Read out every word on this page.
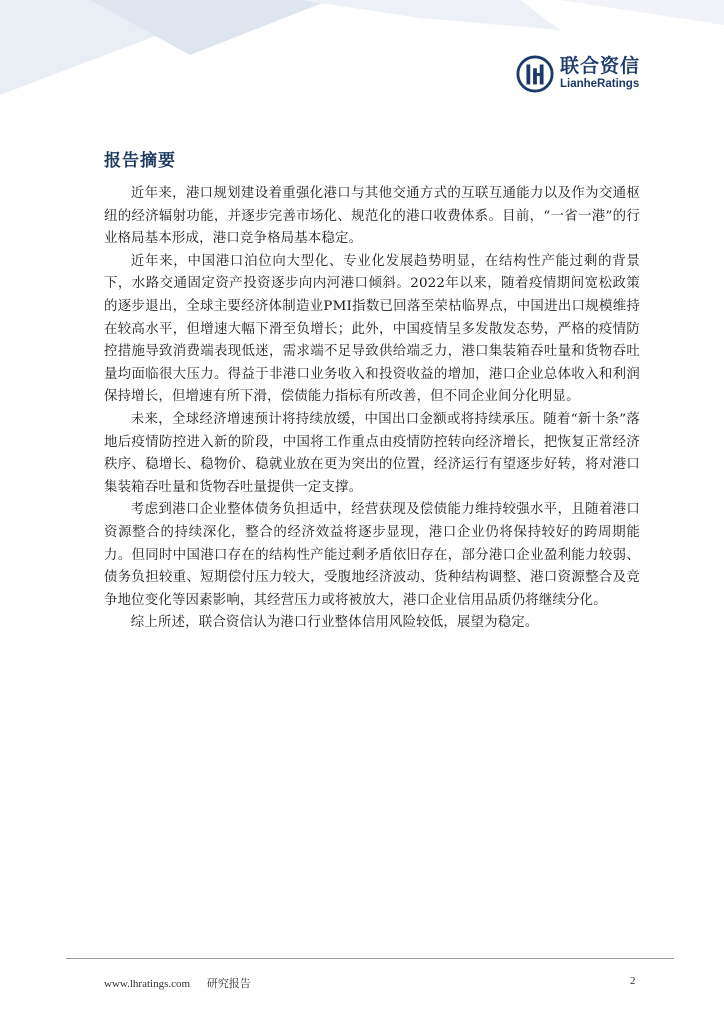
联合资信
LianheRatings
报告摘要

近年来，港口规划建设着重强化港口与其他交通方式的互联互通能力以及作为交通枢纽的经济辐射功能，并逐步完善市场化、规范化的港口收费体系。目前，“一省一港”的行业格局基本形成，港口竞争格局基本稳定。

近年来，中国港口泊位向大型化、专业化发展趋势明显，在结构性产能过剩的背景下，水路交通固定资产投资逐步向内河港口倾斜。2022年以来，随着疫情期间宽松政策的逐步退出，全球主要经济体制造业PMI指数已回落至荣枯临界点，中国进出口规模维持在较高水平，但增速大幅下滑至负增长；此外，中国疫情呈多发散发态势，严格的疫情防控措施导致消费端表现低迷，需求端不足导致供给端乏力，港口集装箱吞吐量和货物吞吐量均面临很大压力。得益于非港口业务收入和投资收益的增加，港口企业总体收入和利润保持增长，但增速有所下滑，偿债能力指标有所改善，但不同企业间分化明显。

未来，全球经济增速预计将持续放缓，中国出口金额或将持续承压。随着“新十条”落地后疫情防控进入新的阶段，中国将工作重点由疫情防控转向经济增长，把恢复正常经济秩序、稳增长、稳物价、稳就业放在更为突出的位置，经济运行有望逐步好转，将对港口集装箱吞吐量和货物吞吐量提供一定支撑。

考虑到港口企业整体债务负担适中，经营获现及偿债能力维持较强水平，且随着港口资源整合的持续深化，整合的经济效益将逐步显现，港口企业仍将保持较好的跨周期能力。但同时中国港口存在的结构性产能过剩矛盾依旧存在，部分港口企业盈利能力较弱、债务负担较重、短期偿付压力较大，受腹地经济波动、货种结构调整、港口资源整合及竞争地位变化等因素影响，其经营压力或将被放大，港口企业信用品质仍将继续分化。

综上所述，联合资信认为港口行业整体信用风险较低，展望为稳定。

www.lhratings.com 研究报告	2
